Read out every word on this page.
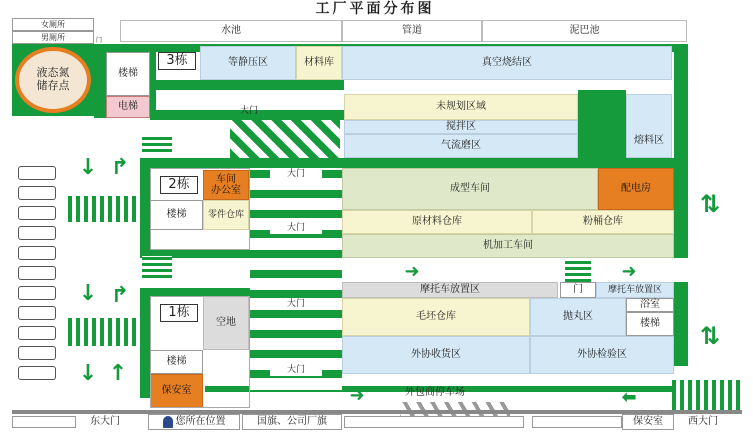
工厂平面分布图
水池	管道	泥巴池
女厕所
男厕所	门
液态氮
储存点
楼梯
电梯
3栋	等静压区	材料库	真空烧结区
大门	未规划区域
搅拌区
气流磨区	熔料区
2栋	车间
办公室
楼梯 零件仓库
大门
大门
大门
大门
成型车间	配电房
原材料仓库	粉桶仓库
机加工车间
➜	➜
摩托车放置区	门	摩托车放置区
毛坯仓库	抛丸区
浴室
楼梯
外协收货区	外协检验区
1栋
空地
楼梯
保安室	外包商停车场
➜	⬅
↓ ↱
↓ ↱
↓ ↑
⇅
⇅
东大门	您所在位置	国旗、公司厂旗	保安室	西大门
